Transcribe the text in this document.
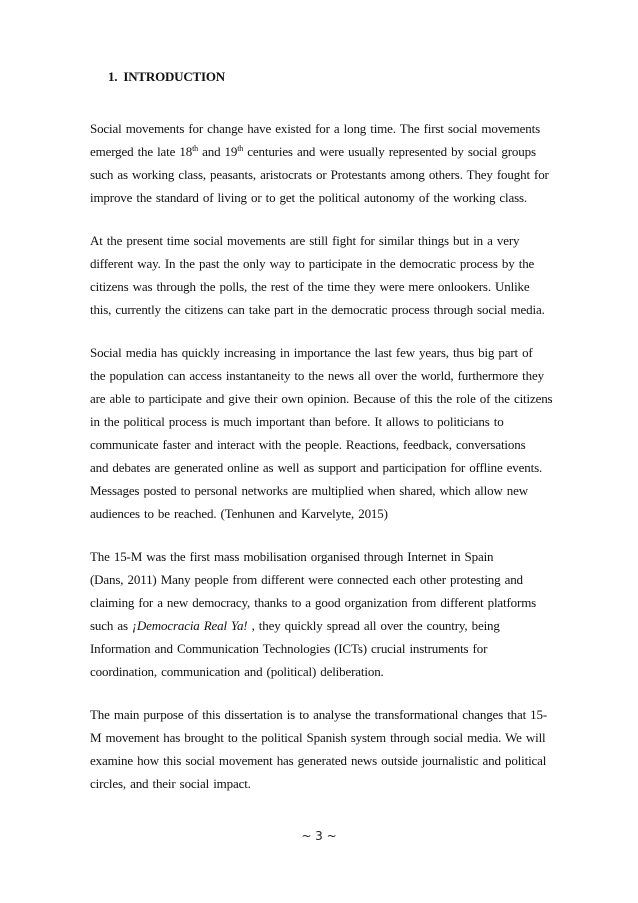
1. INTRODUCTION
Social movements for change have existed for a long time. The first social movements
emerged the late 18th and 19th centuries and were usually represented by social groups
such as working class, peasants, aristocrats or Protestants among others. They fought for
improve the standard of living or to get the political autonomy of the working class.
At the present time social movements are still fight for similar things but in a very
different way. In the past the only way to participate in the democratic process by the
citizens was through the polls, the rest of the time they were mere onlookers. Unlike
this, currently the citizens can take part in the democratic process through social media.
Social media has quickly increasing in importance the last few years, thus big part of
the population can access instantaneity to the news all over the world, furthermore they
are able to participate and give their own opinion. Because of this the role of the citizens
in the political process is much important than before. It allows to politicians to
communicate faster and interact with the people. Reactions, feedback, conversations
and debates are generated online as well as support and participation for offline events.
Messages posted to personal networks are multiplied when shared, which allow new
audiences to be reached. (Tenhunen and Karvelyte, 2015)
The 15-M was the first mass mobilisation organised through Internet in Spain
(Dans, 2011) Many people from different were connected each other protesting and
claiming for a new democracy, thanks to a good organization from different platforms
such as ¡Democracia Real Ya! , they quickly spread all over the country, being
Information and Communication Technologies (ICTs) crucial instruments for
coordination, communication and (political) deliberation.
The main purpose of this dissertation is to analyse the transformational changes that 15-
M movement has brought to the political Spanish system through social media. We will
examine how this social movement has generated news outside journalistic and political
circles, and their social impact.
~ 3 ~
